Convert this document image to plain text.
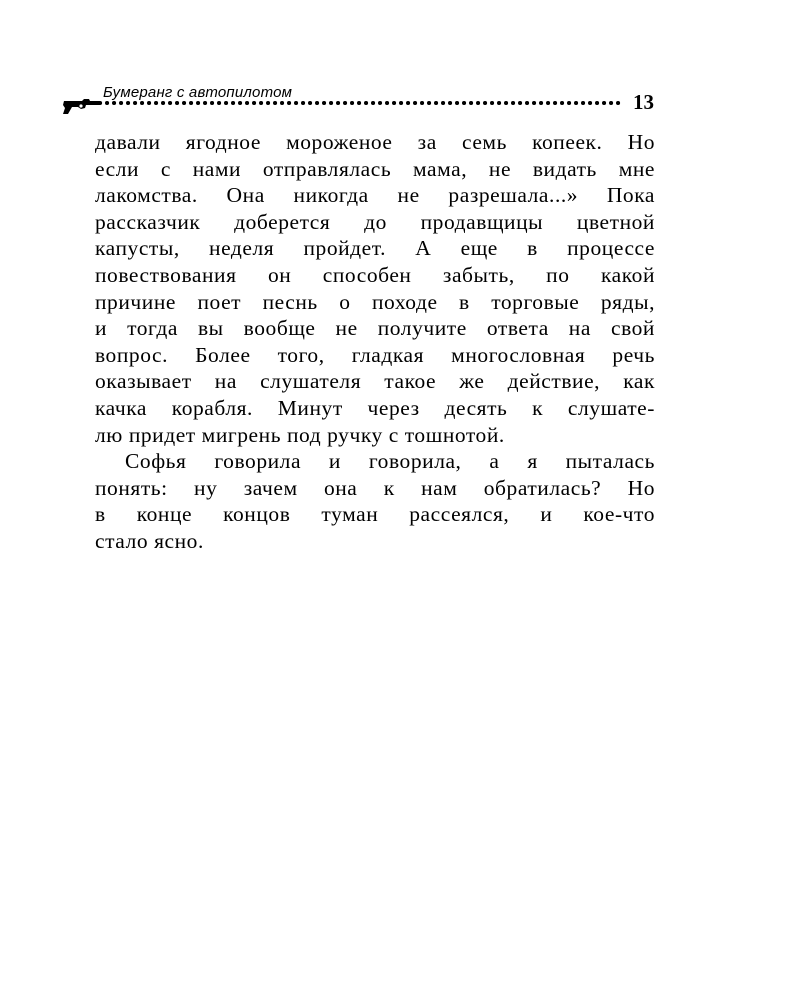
Бумеранг с автопилотом	13
давали ягодное мороженое за семь копеек. Но
если с нами отправлялась мама, не видать мне
лакомства. Она никогда не разрешала...» Пока
рассказчик доберется до продавщицы цветной
капусты, неделя пройдет. А еще в процессе
повествования он способен забыть, по какой
причине поет песнь о походе в торговые ряды,
и тогда вы вообще не получите ответа на свой
вопрос. Более того, гладкая многословная речь
оказывает на слушателя такое же действие, как
качка корабля. Минут через десять к слушате-
лю придет мигрень под ручку с тошнотой.
Софья говорила и говорила, а я пыталась
понять: ну зачем она к нам обратилась? Но
в конце концов туман рассеялся, и кое-что
стало ясно.
